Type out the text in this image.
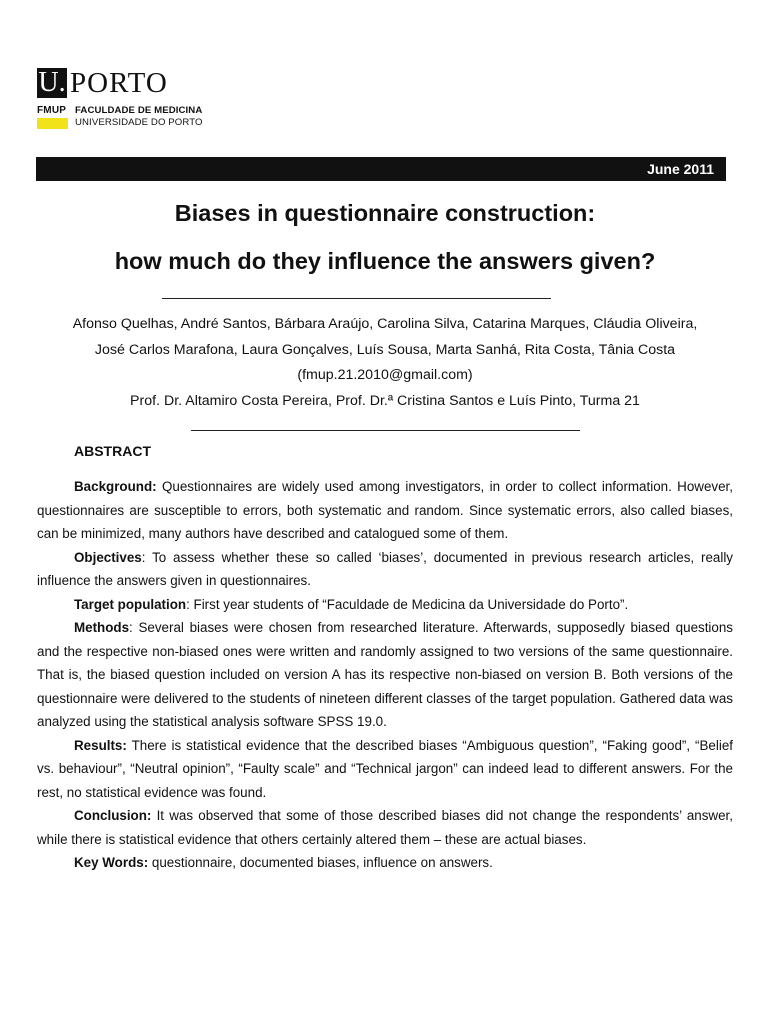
U. PORTO
FMUP FACULDADE DE MEDICINA
UNIVERSIDADE DO PORTO
June 2011
Biases in questionnaire construction:
how much do they influence the answers given?
Afonso Quelhas, André Santos, Bárbara Araújo, Carolina Silva, Catarina Marques, Cláudia Oliveira,
José Carlos Marafona, Laura Gonçalves, Luís Sousa, Marta Sanhá, Rita Costa, Tânia Costa
(fmup.21.2010@gmail.com)
Prof. Dr. Altamiro Costa Pereira, Prof. Dr.ª Cristina Santos e Luís Pinto, Turma 21
ABSTRACT

Background: Questionnaires are widely used among investigators, in order to collect information. However, questionnaires are susceptible to errors, both systematic and random. Since systematic errors, also called biases, can be minimized, many authors have described and catalogued some of them.

Objectives: To assess whether these so called ‘biases’, documented in previous research articles, really influence the answers given in questionnaires.

Target population: First year students of “Faculdade de Medicina da Universidade do Porto”.

Methods: Several biases were chosen from researched literature. Afterwards, supposedly biased questions and the respective non-biased ones were written and randomly assigned to two versions of the same questionnaire. That is, the biased question included on version A has its respective non-biased on version B. Both versions of the questionnaire were delivered to the students of nineteen different classes of the target population. Gathered data was analyzed using the statistical analysis software SPSS 19.0.

Results: There is statistical evidence that the described biases “Ambiguous question”, “Faking good”, “Belief vs. behaviour”, “Neutral opinion”, “Faulty scale” and “Technical jargon” can indeed lead to different answers. For the rest, no statistical evidence was found.

Conclusion: It was observed that some of those described biases did not change the respondents’ answer, while there is statistical evidence that others certainly altered them – these are actual biases.

Key Words: questionnaire, documented biases, influence on answers.
